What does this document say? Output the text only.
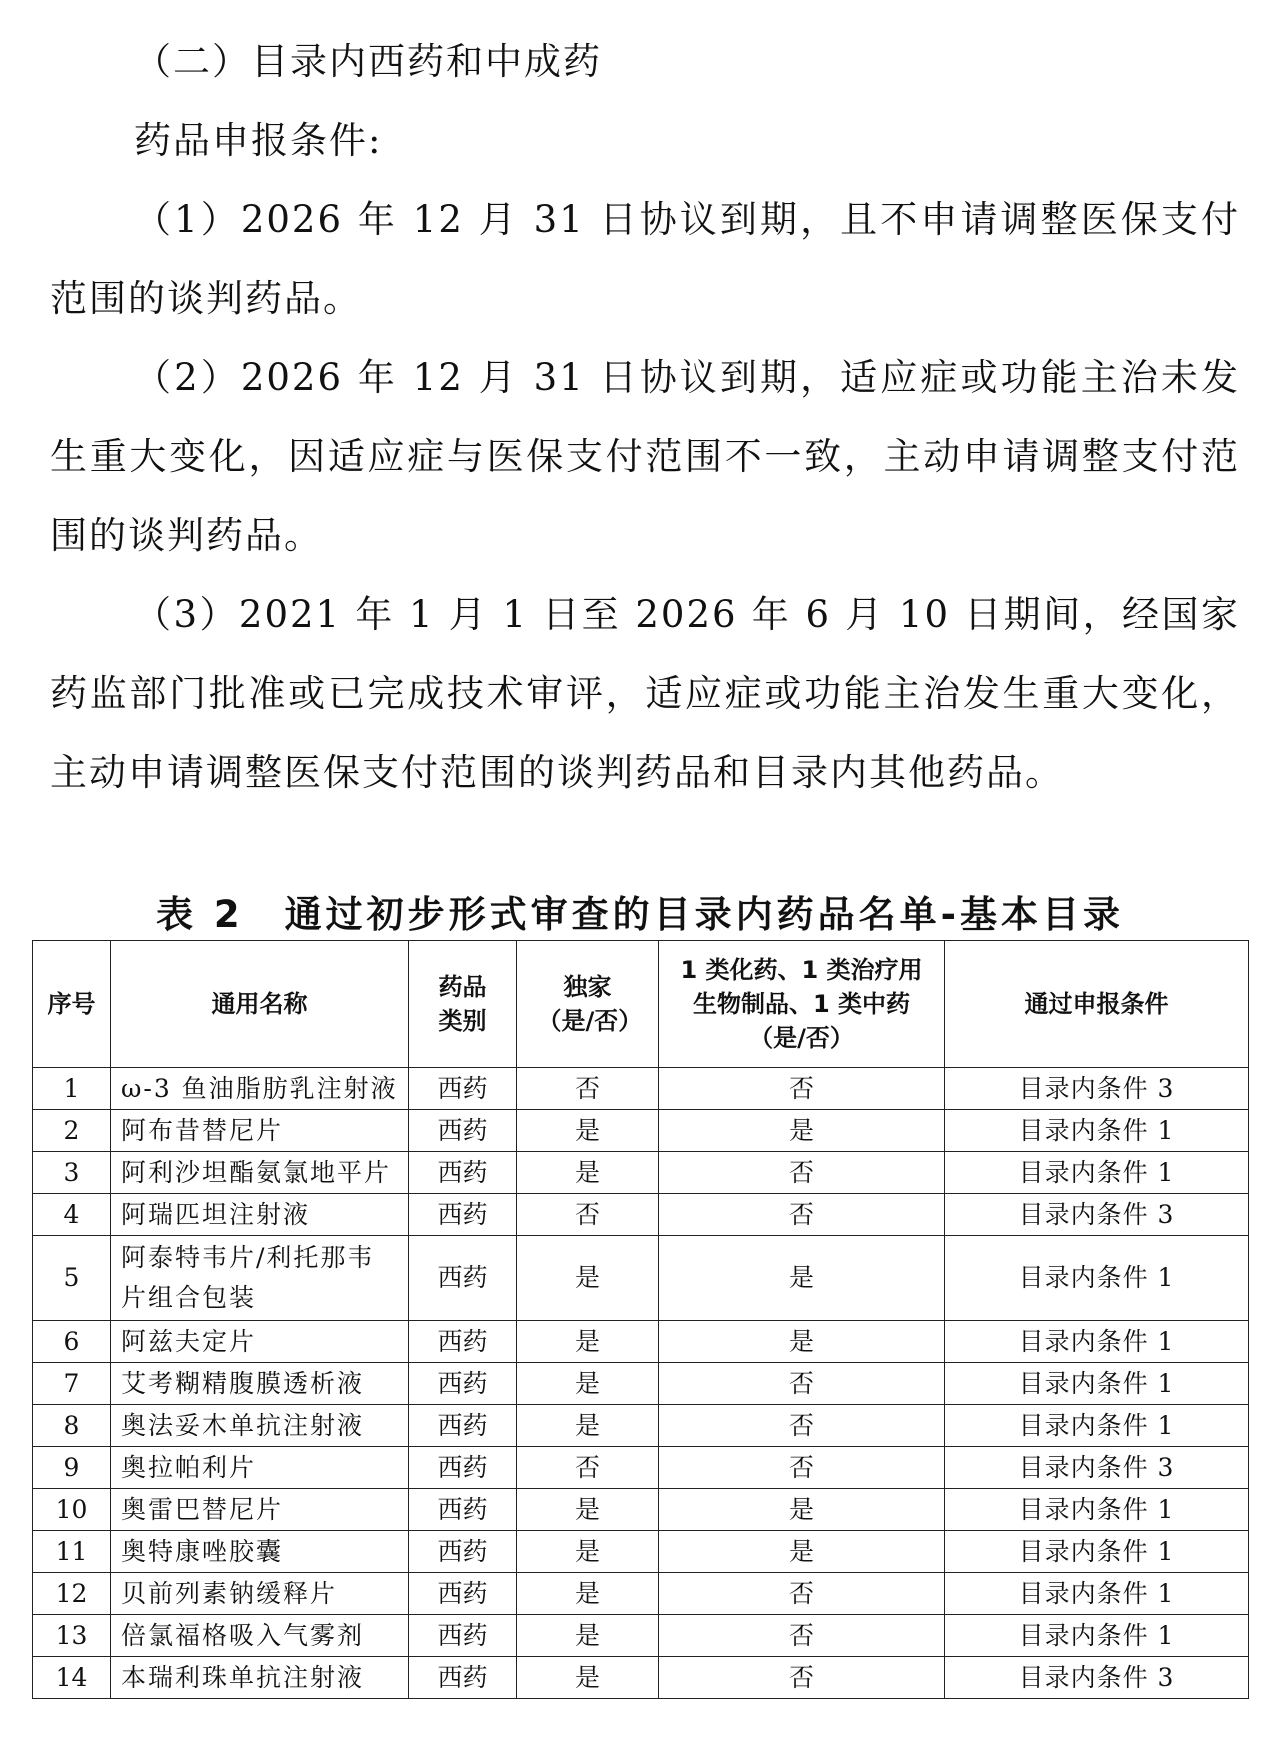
（二）目录内西药和中成药

药品申报条件:

（1）2026 年 12 月 31 日协议到期，且不申请调整医保支付范围的谈判药品。

（2）2026 年 12 月 31 日协议到期，适应症或功能主治未发生重大变化，因适应症与医保支付范围不一致，主动申请调整支付范围的谈判药品。

（3）2021 年 1 月 1 日至 2026 年 6 月 10 日期间，经国家药监部门批准或已完成技术审评，适应症或功能主治发生重大变化，主动申请调整医保支付范围的谈判药品和目录内其他药品。

表 2　通过初步形式审查的目录内药品名单-基本目录
序号	通用名称	药品类别	独家（是/否）	1 类化药、1 类治疗用生物制品、1 类中药（是/否）	通过申报条件
1	ω-3 鱼油脂肪乳注射液	西药	否	否	目录内条件 3
2	阿布昔替尼片	西药	是	是	目录内条件 1
3	阿利沙坦酯氨氯地平片	西药	是	否	目录内条件 1
4	阿瑞匹坦注射液	西药	否	否	目录内条件 3
5	阿泰特韦片/利托那韦片组合包装	西药	是	是	目录内条件 1
6	阿兹夫定片	西药	是	是	目录内条件 1
7	艾考糊精腹膜透析液	西药	是	否	目录内条件 1
8	奥法妥木单抗注射液	西药	是	否	目录内条件 1
9	奥拉帕利片	西药	否	否	目录内条件 3
10	奥雷巴替尼片	西药	是	是	目录内条件 1
11	奥特康唑胶囊	西药	是	是	目录内条件 1
12	贝前列素钠缓释片	西药	是	否	目录内条件 1
13	倍氯福格吸入气雾剂	西药	是	否	目录内条件 1
14	本瑞利珠单抗注射液	西药	是	否	目录内条件 3
